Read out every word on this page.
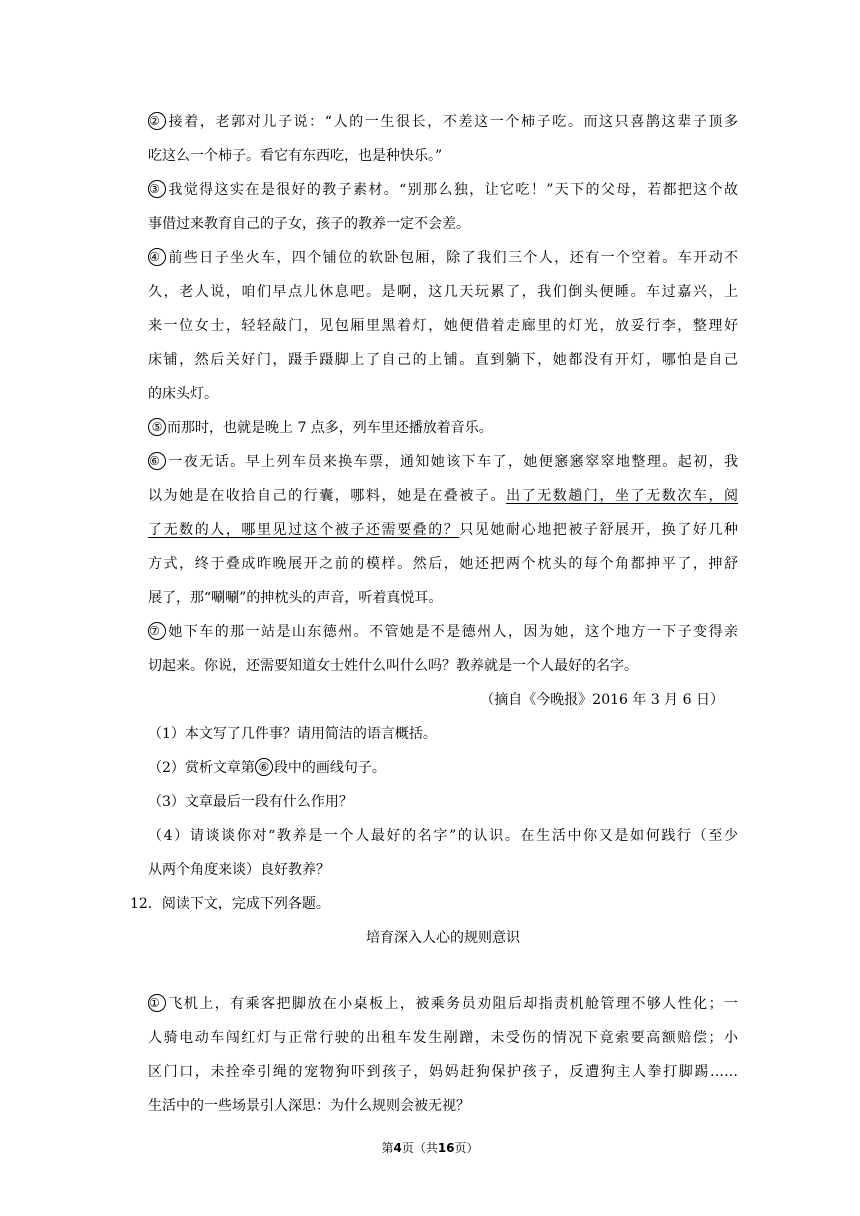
② 接着，老郭对儿子说：“人的一生很长，不差这一个柿子吃。而这只喜鹊这辈子顶多
吃这么一个柿子。看它有东西吃，也是种快乐。”
③ 我觉得这实在是很好的教子素材。“别那么独，让它吃！”天下的父母，若都把这个故
事借过来教育自己的子女，孩子的教养一定不会差。
④ 前些日子坐火车，四个铺位的软卧包厢，除了我们三个人，还有一个空着。车开动不
久，老人说，咱们早点儿休息吧。是啊，这几天玩累了，我们倒头便睡。车过嘉兴，上
来一位女士，轻轻敲门，见包厢里黑着灯，她便借着走廊里的灯光，放妥行李，整理好
床铺，然后关好门，蹑手蹑脚上了自己的上铺。直到躺下，她都没有开灯，哪怕是自己
的床头灯。
⑤ 而那时，也就是晚上 7 点多，列车里还播放着音乐。
⑥ 一夜无话。早上列车员来换车票，通知她该下车了，她便窸窸窣窣地整理。起初，我
以为她是在收拾自己的行囊，哪料，她是在叠被子。出了无数趟门，坐了无数次车，阅
了无数的人，哪里见过这个被子还需要叠的？只见她耐心地把被子舒展开，换了好几种
方式，终于叠成昨晚展开之前的模样。然后，她还把两个枕头的每个角都抻平了，抻舒
展了，那“唰唰”的抻枕头的声音，听着真悦耳。
⑦ 她下车的那一站是山东德州。不管她是不是德州人，因为她，这个地方一下子变得亲
切起来。你说，还需要知道女士姓什么叫什么吗？教养就是一个人最好的名字。
（摘自《今晚报》2016 年 3 月 6 日）
（1）本文写了几件事？请用简洁的语言概括。
（2）赏析文章第 ⑥ 段中的画线句子。
（3）文章最后一段有什么作用？
（4）请谈谈你对“教养是一个人最好的名字”的认识。在生活中你又是如何践行（至少
从两个角度来谈）良好教养？
12．阅读下文，完成下列各题。
培育深入人心的规则意识
① 飞机上，有乘客把脚放在小桌板上，被乘务员劝阻后却指责机舱管理不够人性化；一
人骑电动车闯红灯与正常行驶的出租车发生剐蹭，未受伤的情况下竟索要高额赔偿；小
区门口，未拴牵引绳的宠物狗吓到孩子，妈妈赶狗保护孩子，反遭狗主人拳打脚踢……
生活中的一些场景引人深思：为什么规则会被无视？
第4页（共16页）
